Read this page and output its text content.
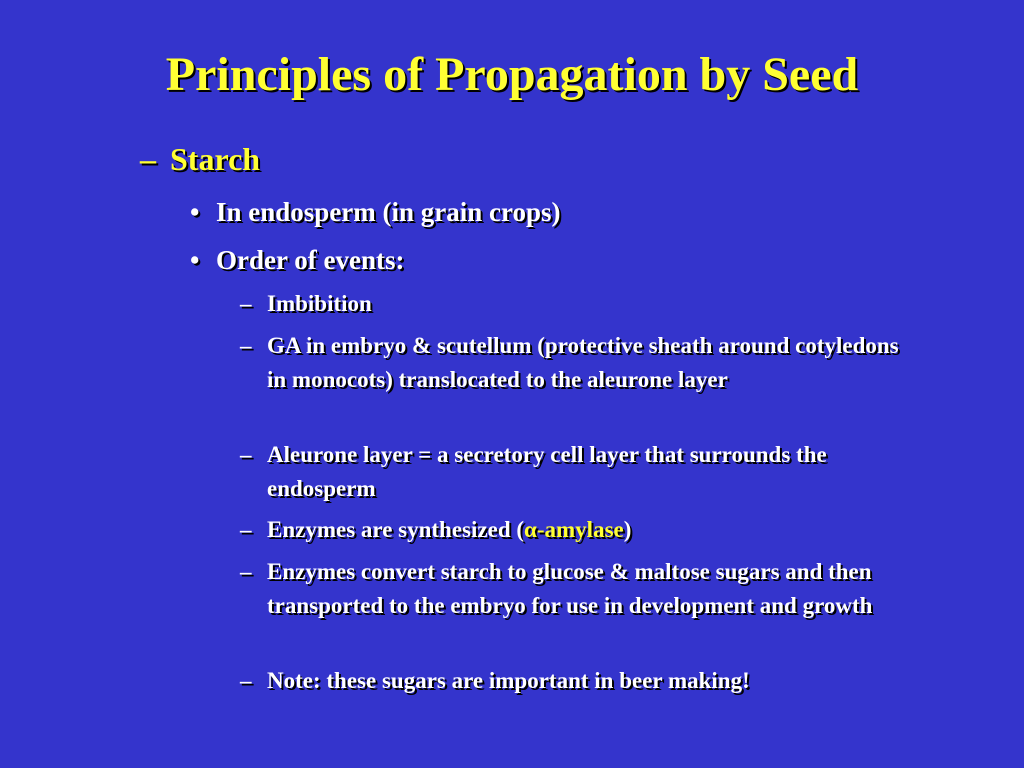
Principles of Propagation by Seed
– Starch
• In endosperm (in grain crops)
• Order of events:
– Imbibition
– GA in embryo & scutellum (protective sheath around cotyledons in monocots) translocated to the aleurone layer
– Aleurone layer = a secretory cell layer that surrounds the endosperm
– Enzymes are synthesized (α-amylase)
– Enzymes convert starch to glucose & maltose sugars and then transported to the embryo for use in development and growth
– Note: these sugars are important in beer making!
